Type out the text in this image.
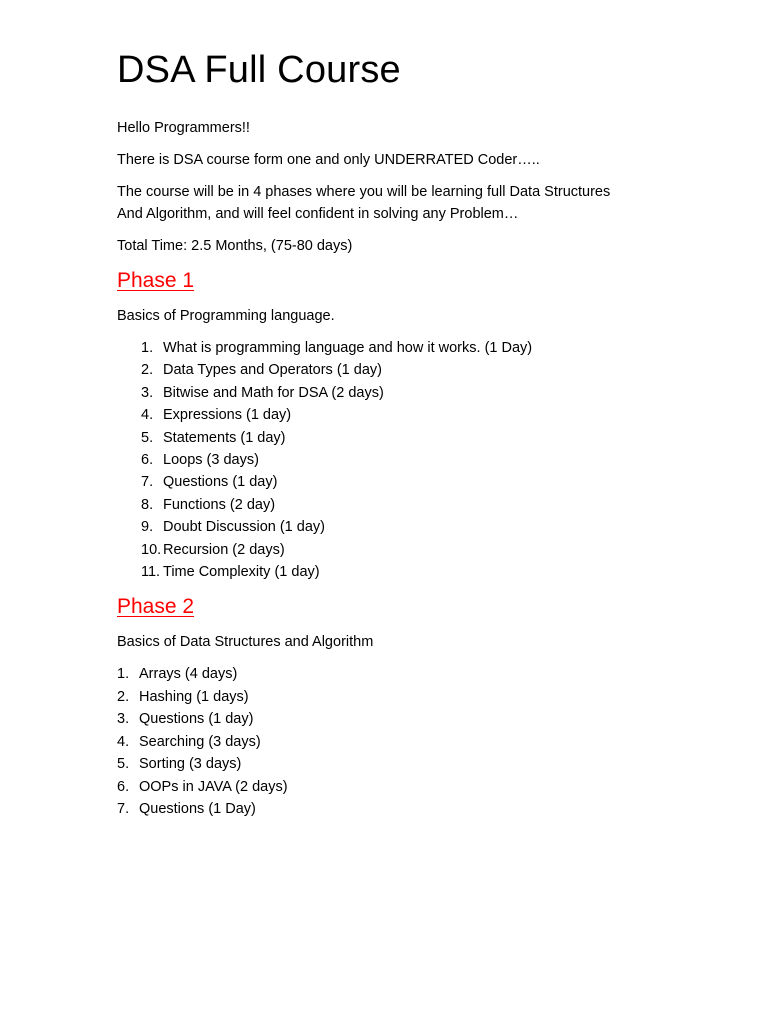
DSA Full Course

Hello Programmers!!

There is DSA course form one and only UNDERRATED Coder…..

The course will be in 4 phases where you will be learning full Data Structures
And Algorithm, and will feel confident in solving any Problem…

Total Time: 2.5 Months, (75-80 days)

Phase 1

Basics of Programming language.

1. What is programming language and how it works. (1 Day)
2. Data Types and Operators (1 day)
3. Bitwise and Math for DSA (2 days)
4. Expressions (1 day)
5. Statements (1 day)
6. Loops (3 days)
7. Questions (1 day)
8. Functions (2 day)
9. Doubt Discussion (1 day)
10. Recursion (2 days)
11. Time Complexity (1 day)
Phase 2

Basics of Data Structures and Algorithm

1. Arrays (4 days)
2. Hashing (1 days)
3. Questions (1 day)
4. Searching (3 days)
5. Sorting (3 days)
6. OOPs in JAVA (2 days)
7. Questions (1 Day)
